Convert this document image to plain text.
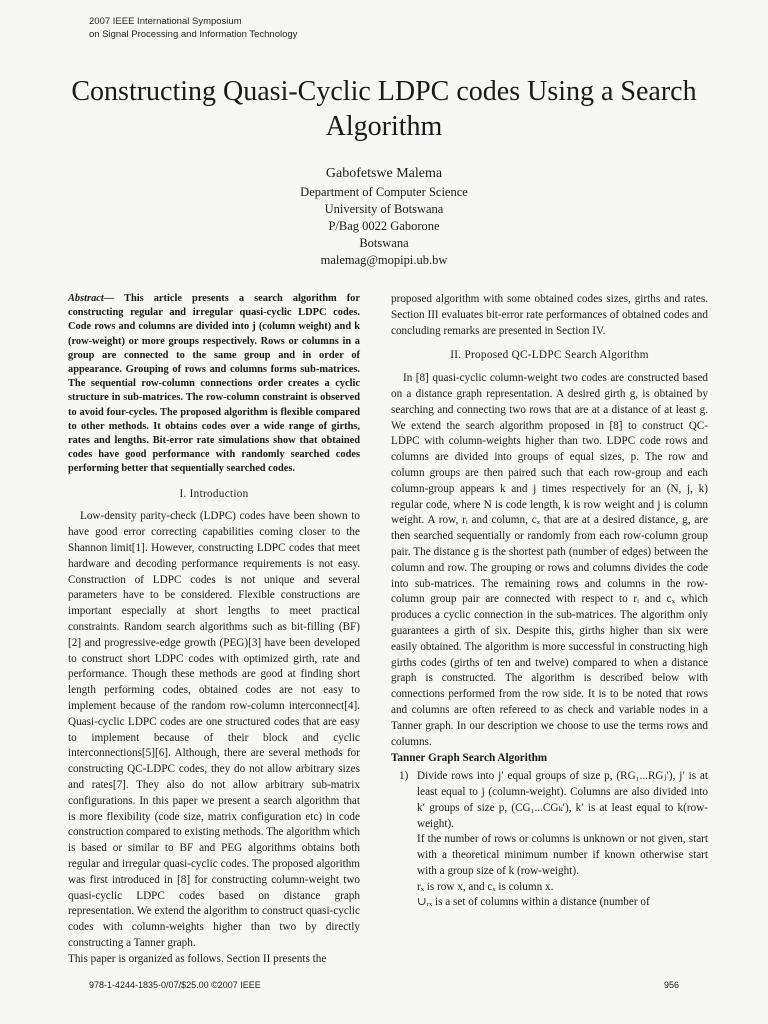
2007 IEEE International Symposium
on Signal Processing and Information Technology
Constructing Quasi-Cyclic LDPC codes Using a Search Algorithm
Gabofetswe Malema
Department of Computer Science
University of Botswana
P/Bag 0022 Gaborone
Botswana
malemag@mopipi.ub.bw

Abstract— This article presents a search algorithm for constructing regular and irregular quasi-cyclic LDPC codes. Code rows and columns are divided into j (column weight) and k (row-weight) or more groups respectively. Rows or columns in a group are connected to the same group and in order of appearance. Grouping of rows and columns forms sub-matrices. The sequential row-column connections order creates a cyclic structure in sub-matrices. The row-column constraint is observed to avoid four-cycles. The proposed algorithm is flexible compared to other methods. It obtains codes over a wide range of girths, rates and lengths. Bit-error rate simulations show that obtained codes have good performance with randomly searched codes performing better that sequentially searched codes.

I. Introduction

Low-density parity-check (LDPC) codes have been shown to have good error correcting capabilities coming closer to the Shannon limit[1]. However, constructing LDPC codes that meet hardware and decoding performance requirements is not easy. Construction of LDPC codes is not unique and several parameters have to be considered. Flexible constructions are important especially at short lengths to meet practical constraints. Random search algorithms such as bit-filling (BF)[2] and progressive-edge growth (PEG)[3] have been developed to construct short LDPC codes with optimized girth, rate and performance. Though these methods are good at finding short length performing codes, obtained codes are not easy to implement because of the random row-column interconnect[4]. Quasi-cyclic LDPC codes are one structured codes that are easy to implement because of their block and cyclic interconnections[5][6]. Although, there are several methods for constructing QC-LDPC codes, they do not allow arbitrary sizes and rates[7]. They also do not allow arbitrary sub-matrix configurations. In this paper we present a search algorithm that is more flexibility (code size, matrix configuration etc) in code construction compared to existing methods. The algorithm which is based or similar to BF and PEG algorithms obtains both regular and irregular quasi-cyclic codes. The proposed algorithm was first introduced in [8] for constructing column-weight two quasi-cyclic LDPC codes based on distance graph representation. We extend the algorithm to construct quasi-cyclic codes with column-weights higher than two by directly constructing a Tanner graph.

This paper is organized as follows. Section II presents the

proposed algorithm with some obtained codes sizes, girths and rates. Section III evaluates bit-error rate performances of obtained codes and concluding remarks are presented in Section IV.

II. Proposed QC-LDPC Search Algorithm

In [8] quasi-cyclic column-weight two codes are constructed based on a distance graph representation. A desired girth g, is obtained by searching and connecting two rows that are at a distance of at least g. We extend the search algorithm proposed in [8] to construct QC-LDPC with column-weights higher than two. LDPC code rows and columns are divided into groups of equal sizes, p. The row and column groups are then paired such that each row-group and each column-group appears k and j times respectively for an (N, j, k) regular code, where N is code length, k is row weight and j is column weight. A row, rᵢ and column, cₓ that are at a desired distance, g, are then searched sequentially or randomly from each row-column group pair. The distance g is the shortest path (number of edges) between the column and row. The grouping or rows and columns divides the code into sub-matrices. The remaining rows and columns in the row-column group pair are connected with respect to rᵢ and cₓ which produces a cyclic connection in the sub-matrices. The algorithm only guarantees a girth of six. Despite this, girths higher than six were easily obtained. The algorithm is more successful in constructing high girths codes (girths of ten and twelve) compared to when a distance graph is constructed. The algorithm is described below with connections performed from the row side. It is to be noted that rows and columns are often refereed to as check and variable nodes in a Tanner graph. In our description we choose to use the terms rows and columns.

Tanner Graph Search Algorithm
1) Divide rows into j′ equal groups of size p, (RG₁...RGⱼ′), j′ is at least equal to j (column-weight). Columns are also divided into k′ groups of size p, (CG₁...CGₖ′), k′ is at least equal to k(row-weight).
If the number of rows or columns is unknown or not given, start with a theoretical minimum number if known otherwise start with a group size of k (row-weight).
rₓ is row x, and cₓ is column x.
∪ᵣₓ is a set of columns within a distance (number of
978-1-4244-1835-0/07/$25.00 ©2007 IEEE	956
